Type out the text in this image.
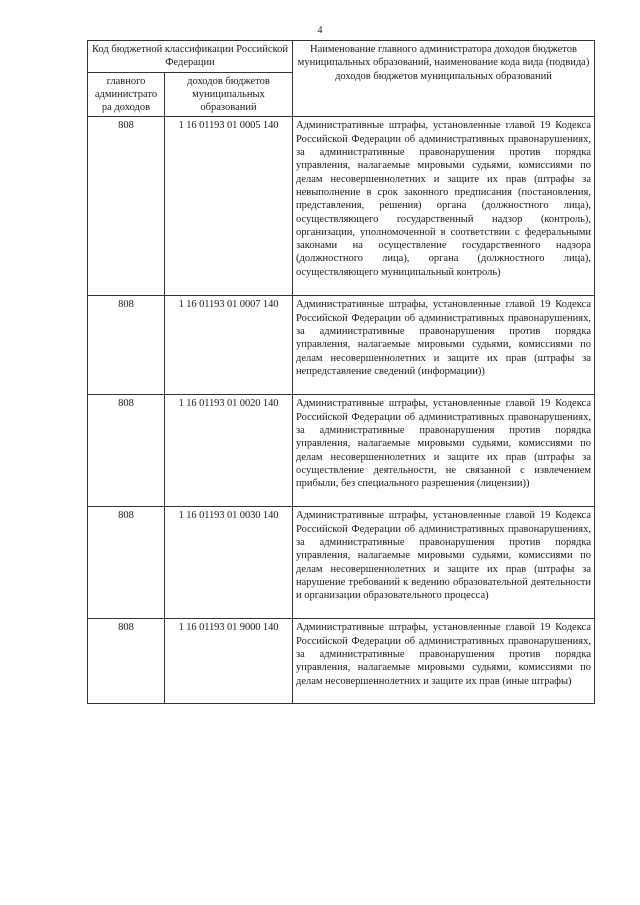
4
Код бюджетной классификации Российской Федерации		Наименование главного администратора доходов бюджетов муниципальных образований, наименование кода вида (подвида) доходов бюджетов муниципальных образований
главного администрато ра доходов	доходов бюджетов муниципальных образований	
808	1 16 01193 01 0005 140	Административные штрафы, установленные главой 19 Кодекса Российской Федерации об административных правонарушениях, за административные правонарушения против порядка управления, налагаемые мировыми судьями, комиссиями по делам несовершеннолетних и защите их прав (штрафы за невыполнение в срок законного предписания (постановления, представления, решения) органа (должностного лица), осуществляющего государственный надзор (контроль), организации, уполномоченной в соответствии с федеральными законами на осуществление государственного надзора (должностного лица), органа (должностного лица), осуществляющего муниципальный контроль)
808	1 16 01193 01 0007 140	Административные штрафы, установленные главой 19 Кодекса Российской Федерации об административных правонарушениях, за административные правонарушения против порядка управления, налагаемые мировыми судьями, комиссиями по делам несовершеннолетних и защите их прав (штрафы за непредставление сведений (информации))
808	1 16 01193 01 0020 140	Административные штрафы, установленные главой 19 Кодекса Российской Федерации об административных правонарушениях, за административные правонарушения против порядка управления, налагаемые мировыми судьями, комиссиями по делам несовершеннолетних и защите их прав (штрафы за осуществление деятельности, не связанной с извлечением прибыли, без специального разрешения (лицензии))
808	1 16 01193 01 0030 140	Административные штрафы, установленные главой 19 Кодекса Российской Федерации об административных правонарушениях, за административные правонарушения против порядка управления, налагаемые мировыми судьями, комиссиями по делам несовершеннолетних и защите их прав (штрафы за нарушение требований к ведению образовательной деятельности и организации образовательного процесса)
808	1 16 01193 01 9000 140	Административные штрафы, установленные главой 19 Кодекса Российской Федерации об административных правонарушениях, за административные правонарушения против порядка управления, налагаемые мировыми судьями, комиссиями по делам несовершеннолетних и защите их прав (иные штрафы)
